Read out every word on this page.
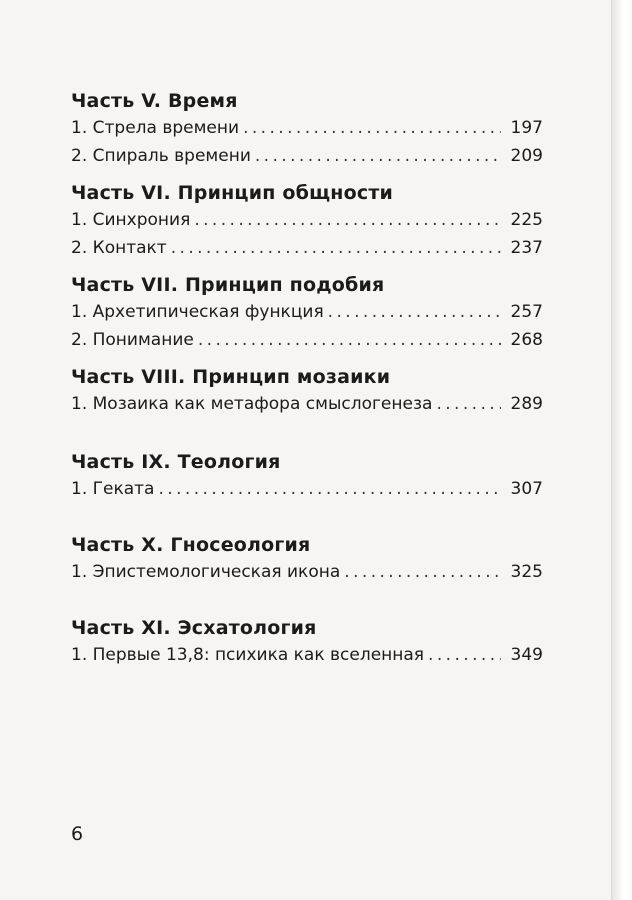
Часть V. Время
1. Стрела времени . . .	197
2. Спираль времени . . .	209
Часть VI. Принцип общности
1. Синхрония . . .	225
2. Контакт . . .	237
Часть VII. Принцип подобия
1. Архетипическая функция . . .	257
2. Понимание . . .	268
Часть VIII. Принцип мозаики
1. Мозаика как метафора смыслогенеза . . .	289
Часть IX. Теология
1. Геката . . .	307
Часть X. Гносеология
1. Эпистемологическая икона . . .	325
Часть XI. Эсхатология
1. Первые 13,8: психика как вселенная . . .	349
6
